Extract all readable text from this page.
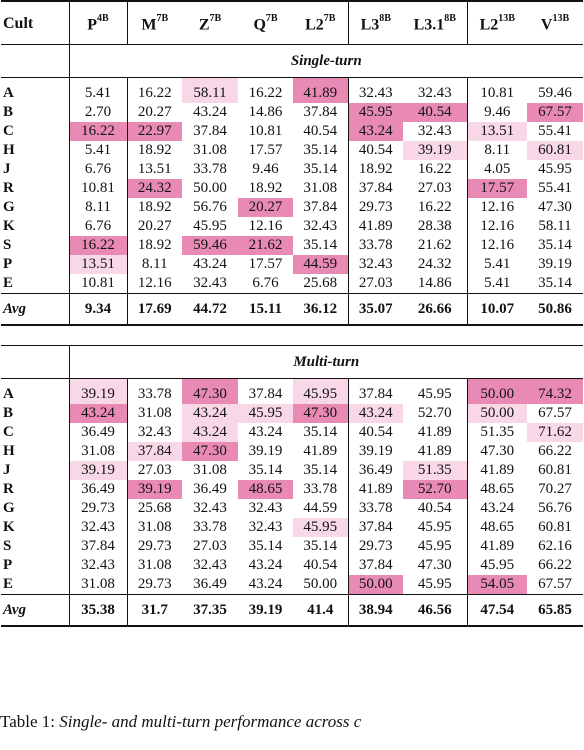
Cult	$P^{4B}$	$M^{7B}$	$Z^{7B}$	$Q^{7B}$	$L2^{7B}$	$L3^{8B}$	$L3.1^{8B}$	$L2^{13B}$	$V^{13B}$
	Single-turn								
A	5.41	16.22	58.11	16.22	41.89	32.43	32.43	10.81	59.46
B	2.70	20.27	43.24	14.86	37.84	45.95	40.54	9.46	67.57
C	16.22	22.97	37.84	10.81	40.54	43.24	32.43	13.51	55.41
H	5.41	18.92	31.08	17.57	35.14	40.54	39.19	8.11	60.81
J	6.76	13.51	33.78	9.46	35.14	18.92	16.22	4.05	45.95
R	10.81	24.32	50.00	18.92	31.08	37.84	27.03	17.57	55.41
G	8.11	18.92	56.76	20.27	37.84	29.73	16.22	12.16	47.30
K	6.76	20.27	45.95	12.16	32.43	41.89	28.38	12.16	58.11
S	16.22	18.92	59.46	21.62	35.14	33.78	21.62	12.16	35.14
P	13.51	8.11	43.24	17.57	44.59	32.43	24.32	5.41	39.19
E	10.81	12.16	32.43	6.76	25.68	27.03	14.86	5.41	35.14
Avg	9.34	17.69	44.72	15.11	36.12	35.07	26.66	10.07	50.86

	Multi-turn								
A	39.19	33.78	47.30	37.84	45.95	37.84	45.95	50.00	74.32
B	43.24	31.08	43.24	45.95	47.30	43.24	52.70	50.00	67.57
C	36.49	32.43	43.24	43.24	35.14	40.54	41.89	51.35	71.62
H	31.08	37.84	47.30	39.19	41.89	39.19	41.89	47.30	66.22
J	39.19	27.03	31.08	35.14	35.14	36.49	51.35	41.89	60.81
R	36.49	39.19	36.49	48.65	33.78	41.89	52.70	48.65	70.27
G	29.73	25.68	32.43	32.43	44.59	33.78	40.54	43.24	56.76
K	32.43	31.08	33.78	32.43	45.95	37.84	45.95	48.65	60.81
S	37.84	29.73	27.03	35.14	35.14	29.73	45.95	41.89	62.16
P	32.43	31.08	32.43	43.24	40.54	37.84	47.30	45.95	66.22
E	31.08	29.73	36.49	43.24	50.00	50.00	45.95	54.05	67.57
Avg	35.38	31.7	37.35	39.19	41.4	38.94	46.56	47.54	65.85
Table 1: Single- and multi-turn performance across c
